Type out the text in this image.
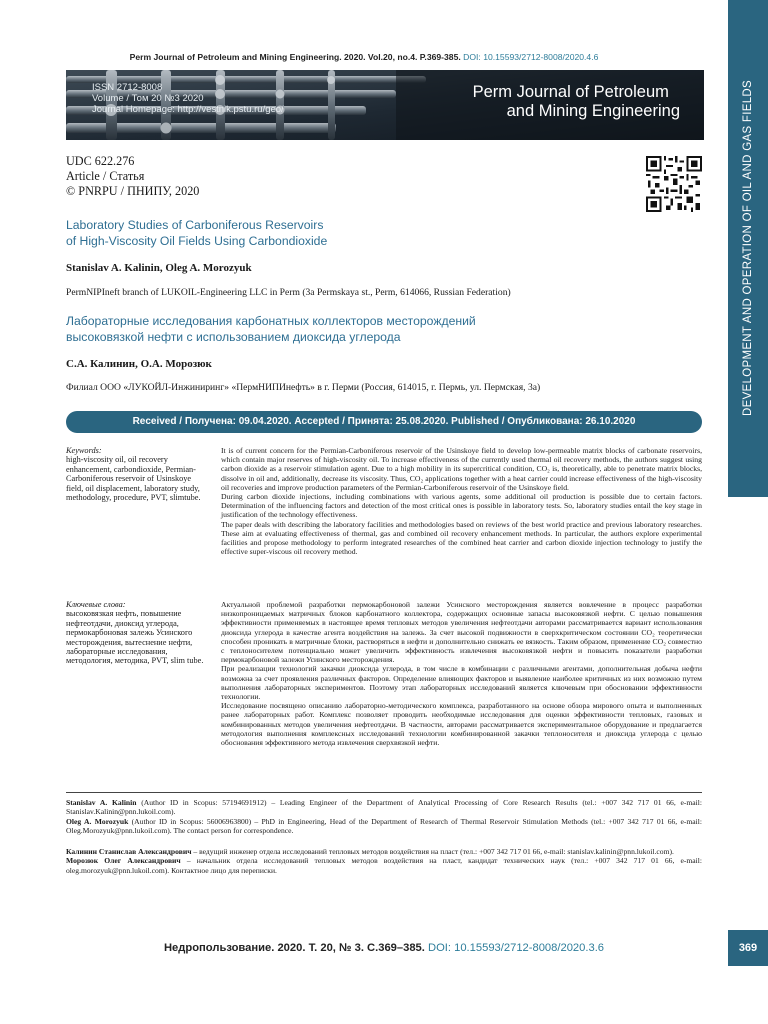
Perm Journal of Petroleum and Mining Engineering. 2020. Vol.20, no.4. P.369-385. DOI: 10.15593/2712-8008/2020.4.6
ISSN 2712-8008
Volume / Том 20 №3 2020
Journal Homepage: http://vestnik.pstu.ru/geo/
Perm Journal of Petroleum
and Mining Engineering	DEVELOPMENT AND OPERATION OF OIL AND GAS FIELDS
UDC 622.276
Article / Статья
© PNRPU / ПНИПУ, 2020
Laboratory Studies of Carboniferous Reservoirs
of High-Viscosity Oil Fields Using Carbondioxide
Stanislav A. Kalinin, Oleg A. Morozyuk
PermNIPIneft branch of LUKOIL-Engineering LLC in Perm (3a Permskaya st., Perm, 614066, Russian Federation)
Лабораторные исследования карбонатных коллекторов месторождений
высоковязкой нефти с использованием диоксида углерода
С.А. Калинин, О.А. Морозюк
Филиал ООО «ЛУКОЙЛ-Инжиниринг» «ПермНИПИнефть» в г. Перми (Россия, 614015, г. Пермь, ул. Пермская, 3а)
Received / Получена: 09.04.2020. Accepted / Принята: 25.08.2020. Published / Опубликована: 26.10.2020
Keywords:
high-viscosity oil, oil recovery enhancement, carbondioxide, Permian-Carboniferous reservoir of Usinskoye field, oil displacement, laboratory study, methodology, procedure, PVT, slimtube.
Ключевые слова:
высоковязкая нефть, повышение нефтеотдачи, диоксид углерода, пермокарбоновая залежь Усинского месторождения, вытеснение нефти, лабораторные исследования, методология, методика, PVT, slim tube.

It is of current concern for the Permian-Carboniferous reservoir of the Usinskoye field to develop low-permeable matrix blocks of carbonate reservoirs, which contain major reserves of high-viscosity oil. To increase effectiveness of the currently used thermal oil recovery methods, the authors suggest using carbon dioxide as a reservoir stimulation agent. Due to a high mobility in its supercritical condition, CO₂ is, theoretically, able to penetrate matrix blocks, dissolve in oil and, additionally, decrease its viscosity. Thus, CO₂ applications together with a heat carrier could increase effectiveness of the high-viscosity oil recoveries and improve production parameters of the Permian-Carboniferous reservoir of the Usinskoye field.

During carbon dioxide injections, including combinations with various agents, some additional oil production is possible due to certain factors. Determination of the influencing factors and detection of the most critical ones is possible in laboratory tests. So, laboratory studies entail the key stage in justification of the technology effectiveness.

The paper deals with describing the laboratory facilities and methodologies based on reviews of the best world practice and previous laboratory researches. These aim at evaluating effectiveness of thermal, gas and combined oil recovery enhancement methods. In particular, the authors explore experimental facilities and propose methodology to perform integrated researches of the combined heat carrier and carbon dioxide injection technology to justify the effective super-viscous oil recovery method.

Актуальной проблемой разработки пермокарбоновой залежи Усинского месторождения является вовлечение в процесс разработки низкопроницаемых матричных блоков карбонатного коллектора, содержащих основные запасы высоковязкой нефти. С целью повышения эффективности применяемых в настоящее время тепловых методов увеличения нефтеотдачи авторами рассматривается вариант использования диоксида углерода в качестве агента воздействия на залежь. За счет высокой подвижности в сверхкритическом состоянии CO₂ теоретически способен проникать в матричные блоки, растворяться в нефти и дополнительно снижать ее вязкость. Таким образом, применение CO₂ совместно с теплоносителем потенциально может увеличить эффективность извлечения высоковязкой нефти и повысить показатели разработки пермокарбоновой залежи Усинского месторождения.

При реализации технологий закачки диоксида углерода, в том числе в комбинации с различными агентами, дополнительная добыча нефти возможна за счет проявления различных факторов. Определение влияющих факторов и выявление наиболее критичных из них возможно путем выполнения лабораторных экспериментов. Поэтому этап лабораторных исследований является ключевым при обосновании эффективности технологии.

Исследование посвящено описанию лабораторно-методического комплекса, разработанного на основе обзора мирового опыта и выполненных ранее лабораторных работ. Комплекс позволяет проводить необходимые исследования для оценки эффективности тепловых, газовых и комбинированных методов увеличения нефтеотдачи. В частности, авторами рассматривается экспериментальное оборудование и предлагается методология выполнения комплексных исследований технологии комбинированной закачки теплоносителя и диоксида углерода с целью обоснования эффективного метода извлечения сверхвязкой нефти.

Stanislav A. Kalinin (Author ID in Scopus: 57194691912) – Leading Engineer of the Department of Analytical Processing of Core Research Results (tel.: +007 342 717 01 66, e-mail: Stanislav.Kalinin@pnn.lukoil.com).
Oleg A. Morozyuk (Author ID in Scopus: 56006963800) – PhD in Engineering, Head of the Department of Research of Thermal Reservoir Stimulation Methods (tel.: +007 342 717 01 66, e-mail: Oleg.Morozyuk@pnn.lukoil.com). The contact person for correspondence.
Калинин Станислав Александрович – ведущий инженер отдела исследований тепловых методов воздействия на пласт (тел.: +007 342 717 01 66, e-mail: stanislav.kalinin@pnn.lukoil.com).
Морозюк Олег Александрович – начальник отдела исследований тепловых методов воздействия на пласт, кандидат технических наук (тел.: +007 342 717 01 66, e-mail: oleg.morozyuk@pnn.lukoil.com). Контактное лицо для переписки.
Недропользование. 2020. Т. 20, № 3. С.369–385. DOI: 10.15593/2712-8008/2020.3.6	369
